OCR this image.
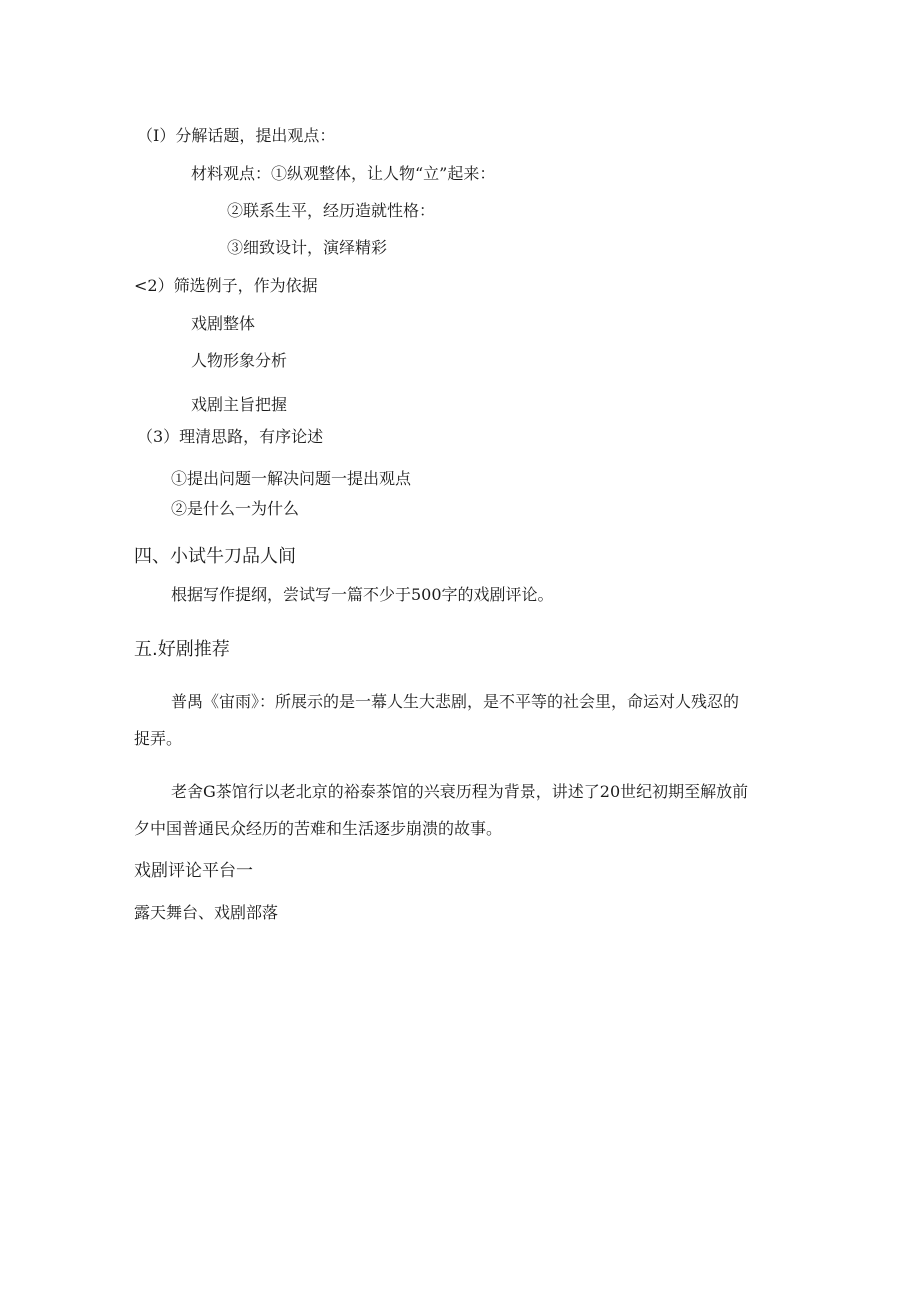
（I）分解话题，提出观点：
材料观点：①纵观整体，让人物“立”起来：
②联系生平，经历造就性格：
③细致设计，演绎精彩
<2）筛选例子，作为依据
戏剧整体
人物形象分析
戏剧主旨把握
（3）理清思路，有序论述
①提出问题一解决问题一提出观点
②是什么一为什么
四、小试牛刀品人间
根据写作提纲，尝试写一篇不少于500字的戏剧评论。
五.好剧推荐
普禺《宙雨》：所展示的是一幕人生大悲剧，是不平等的社会里，命运对人残忍的
捉弄。
老舍G茶馆行以老北京的裕泰茶馆的兴衰历程为背景，讲述了20世纪初期至解放前
夕中国普通民众经历的苦难和生活逐步崩溃的故事。
戏剧评论平台一
露天舞台、戏剧部落
